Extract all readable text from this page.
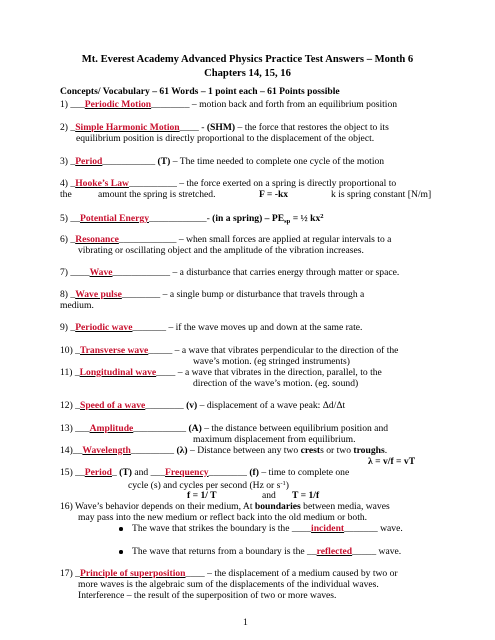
Mt. Everest Academy Advanced Physics Practice Test Answers – Month 6
Chapters 14, 15, 16
Concepts/ Vocabulary – 61 Words – 1 point each – 61 Points possible
1) ___Periodic Motion________ – motion back and forth from an equilibrium position
2) _Simple Harmonic Motion____ - (SHM) – the force that restores the object to its
equilibrium position is directly proportional to the displacement of the object.
3) _Period___________ (T) – The time needed to complete one cycle of the motion
4) _Hooke’s Law__________ – the force exerted on a spring is directly proportional to
the	amount the spring is stretched.	F = -kx	k is spring constant [N/m]
5) __Potential Energy____________- (in a spring) – $PE_{sp}$ = ½ $kx^2$
6) _Resonance____________ – when small forces are applied at regular intervals to a
vibrating or oscillating object and the amplitude of the vibration increases.
7) ____Wave____________ – a disturbance that carries energy through matter or space.
8) _Wave pulse________ – a single bump or disturbance that travels through a
medium.
9) _Periodic wave_______ – if the wave moves up and down at the same rate.
10) _Transverse wave_____ – a wave that vibrates perpendicular to the direction of the
wave’s motion. (eg stringed instruments)
11) _Longitudinal wave____ – a wave that vibrates in the direction, parallel, to the
direction of the wave’s motion. (eg. sound)
12) _Speed of a wave________ (v) – displacement of a wave peak: Δd/Δt
13) ___Amplitude___________ (A) – the distance between equilibrium position and
maximum displacement from equilibrium.
14)__Wavelength_________ (λ) – Distance between any two crests or two troughs.
λ = v/f = vT
15) __Period_ (T) and ___Frequency________ (f) – time to complete one
cycle (s) and cycles per second (Hz or $s^{-1}$)
f = 1/ T	and T = 1/f
16) Wave’s behavior depends on their medium, At boundaries between media, waves
may pass into the new medium or reflect back into the old medium or both.
The wave that strikes the boundary is the ____incident_______ wave.
The wave that returns from a boundary is the __reflected_____ wave.
17) _Principle of superposition____ – the displacement of a medium caused by two or
more waves is the algebraic sum of the displacements of the individual waves.
Interference – the result of the superposition of two or more waves.
1
